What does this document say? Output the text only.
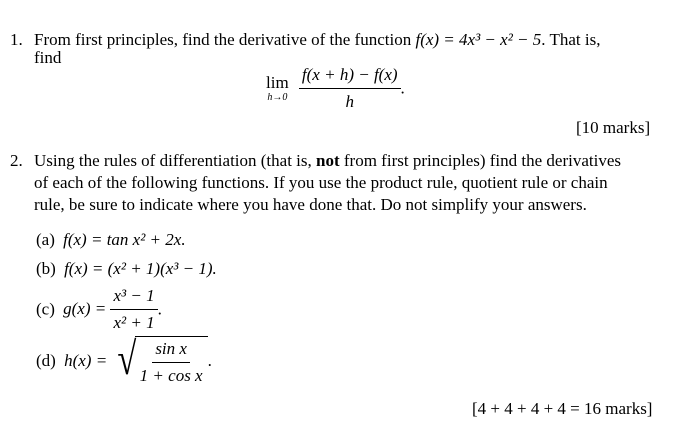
1. From first principles, find the derivative of the function f(x) = 4x³ − x² − 5. That is,
find
lim
h→0
$\frac{f(x + h) - f(x)}{h}$ .
[10 marks]
2. Using the rules of differentiation (that is, not from first principles) find the derivatives
of each of the following functions. If you use the product rule, quotient rule or chain
rule, be sure to indicate where you have done that. Do not simplify your answers.
(a) f(x) = tan x² + 2x.
(b) f(x) = (x² + 1)(x³ − 1).
(c) $g(x) = \frac{\text{x³ − 1}}{\text{x² + 1}}$ .
(d) h(x) = √ $\frac{\text{sin x}}{\text{1 + cos x}}$ .
[4 + 4 + 4 + 4 = 16 marks]
